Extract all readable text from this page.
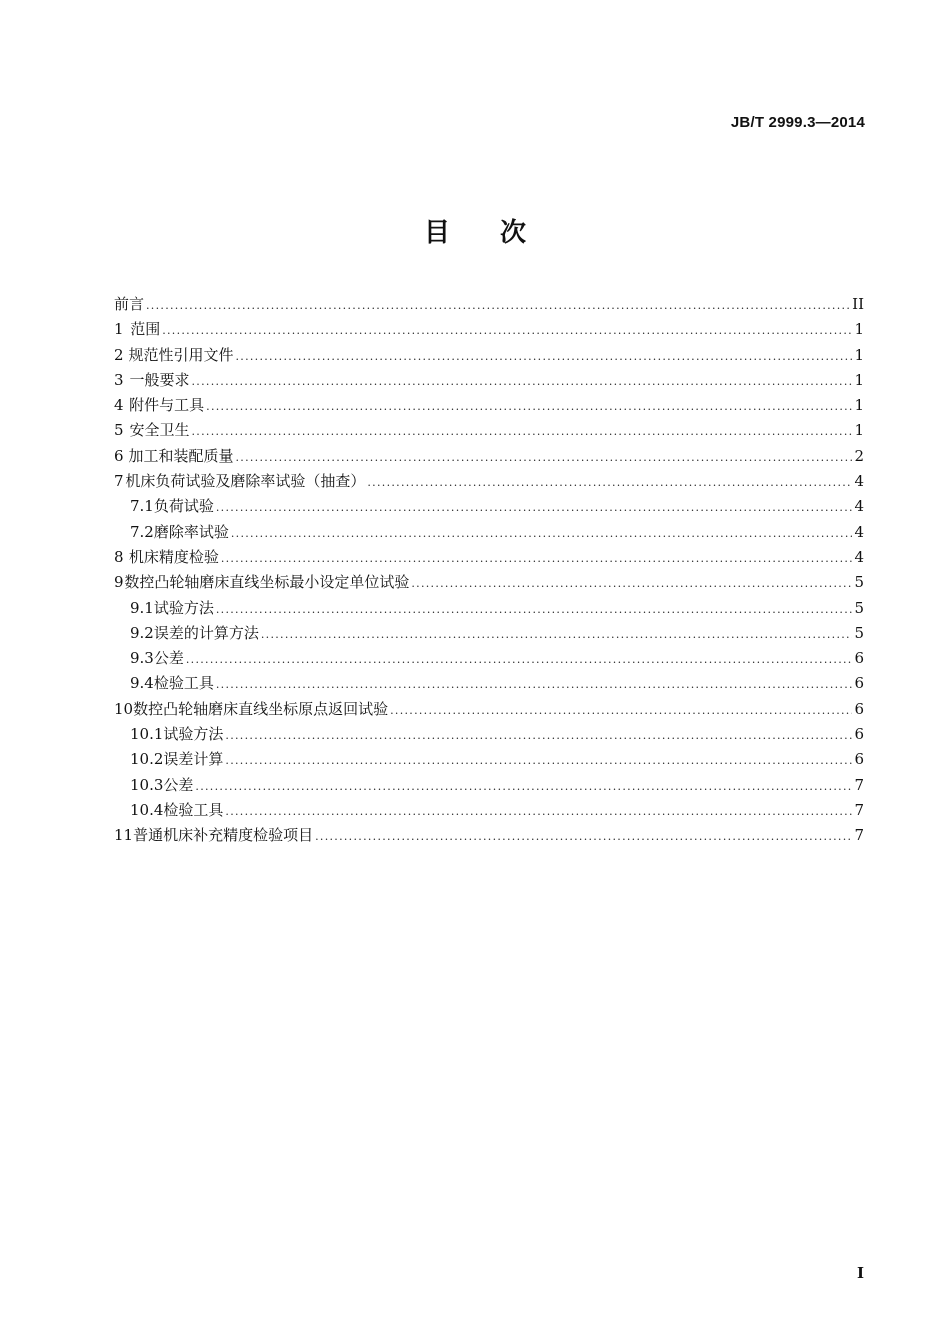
JB/T 2999.3—2014
目次
前言 .....	II
1 范围 .....	1
2 规范性引用文件 .....	1
3 一般要求 .....	1
4 附件与工具 .....	1
5 安全卫生 .....	1
6 加工和装配质量 .....	2
7 机床负荷试验及磨除率试验（抽查） .....	4
7.1 负荷试验 .....	4
7.2 磨除率试验 .....	4
8 机床精度检验 .....	4
9 数控凸轮轴磨床直线坐标最小设定单位试验 .....	5
9.1 试验方法 .....	5
9.2 误差的计算方法 .....	5
9.3 公差 .....	6
9.4 检验工具 .....	6
10 数控凸轮轴磨床直线坐标原点返回试验 .....	6
10.1 试验方法 .....	6
10.2 误差计算 .....	6
10.3 公差 .....	7
10.4 检验工具 .....	7
11 普通机床补充精度检验项目 .....	7
I
